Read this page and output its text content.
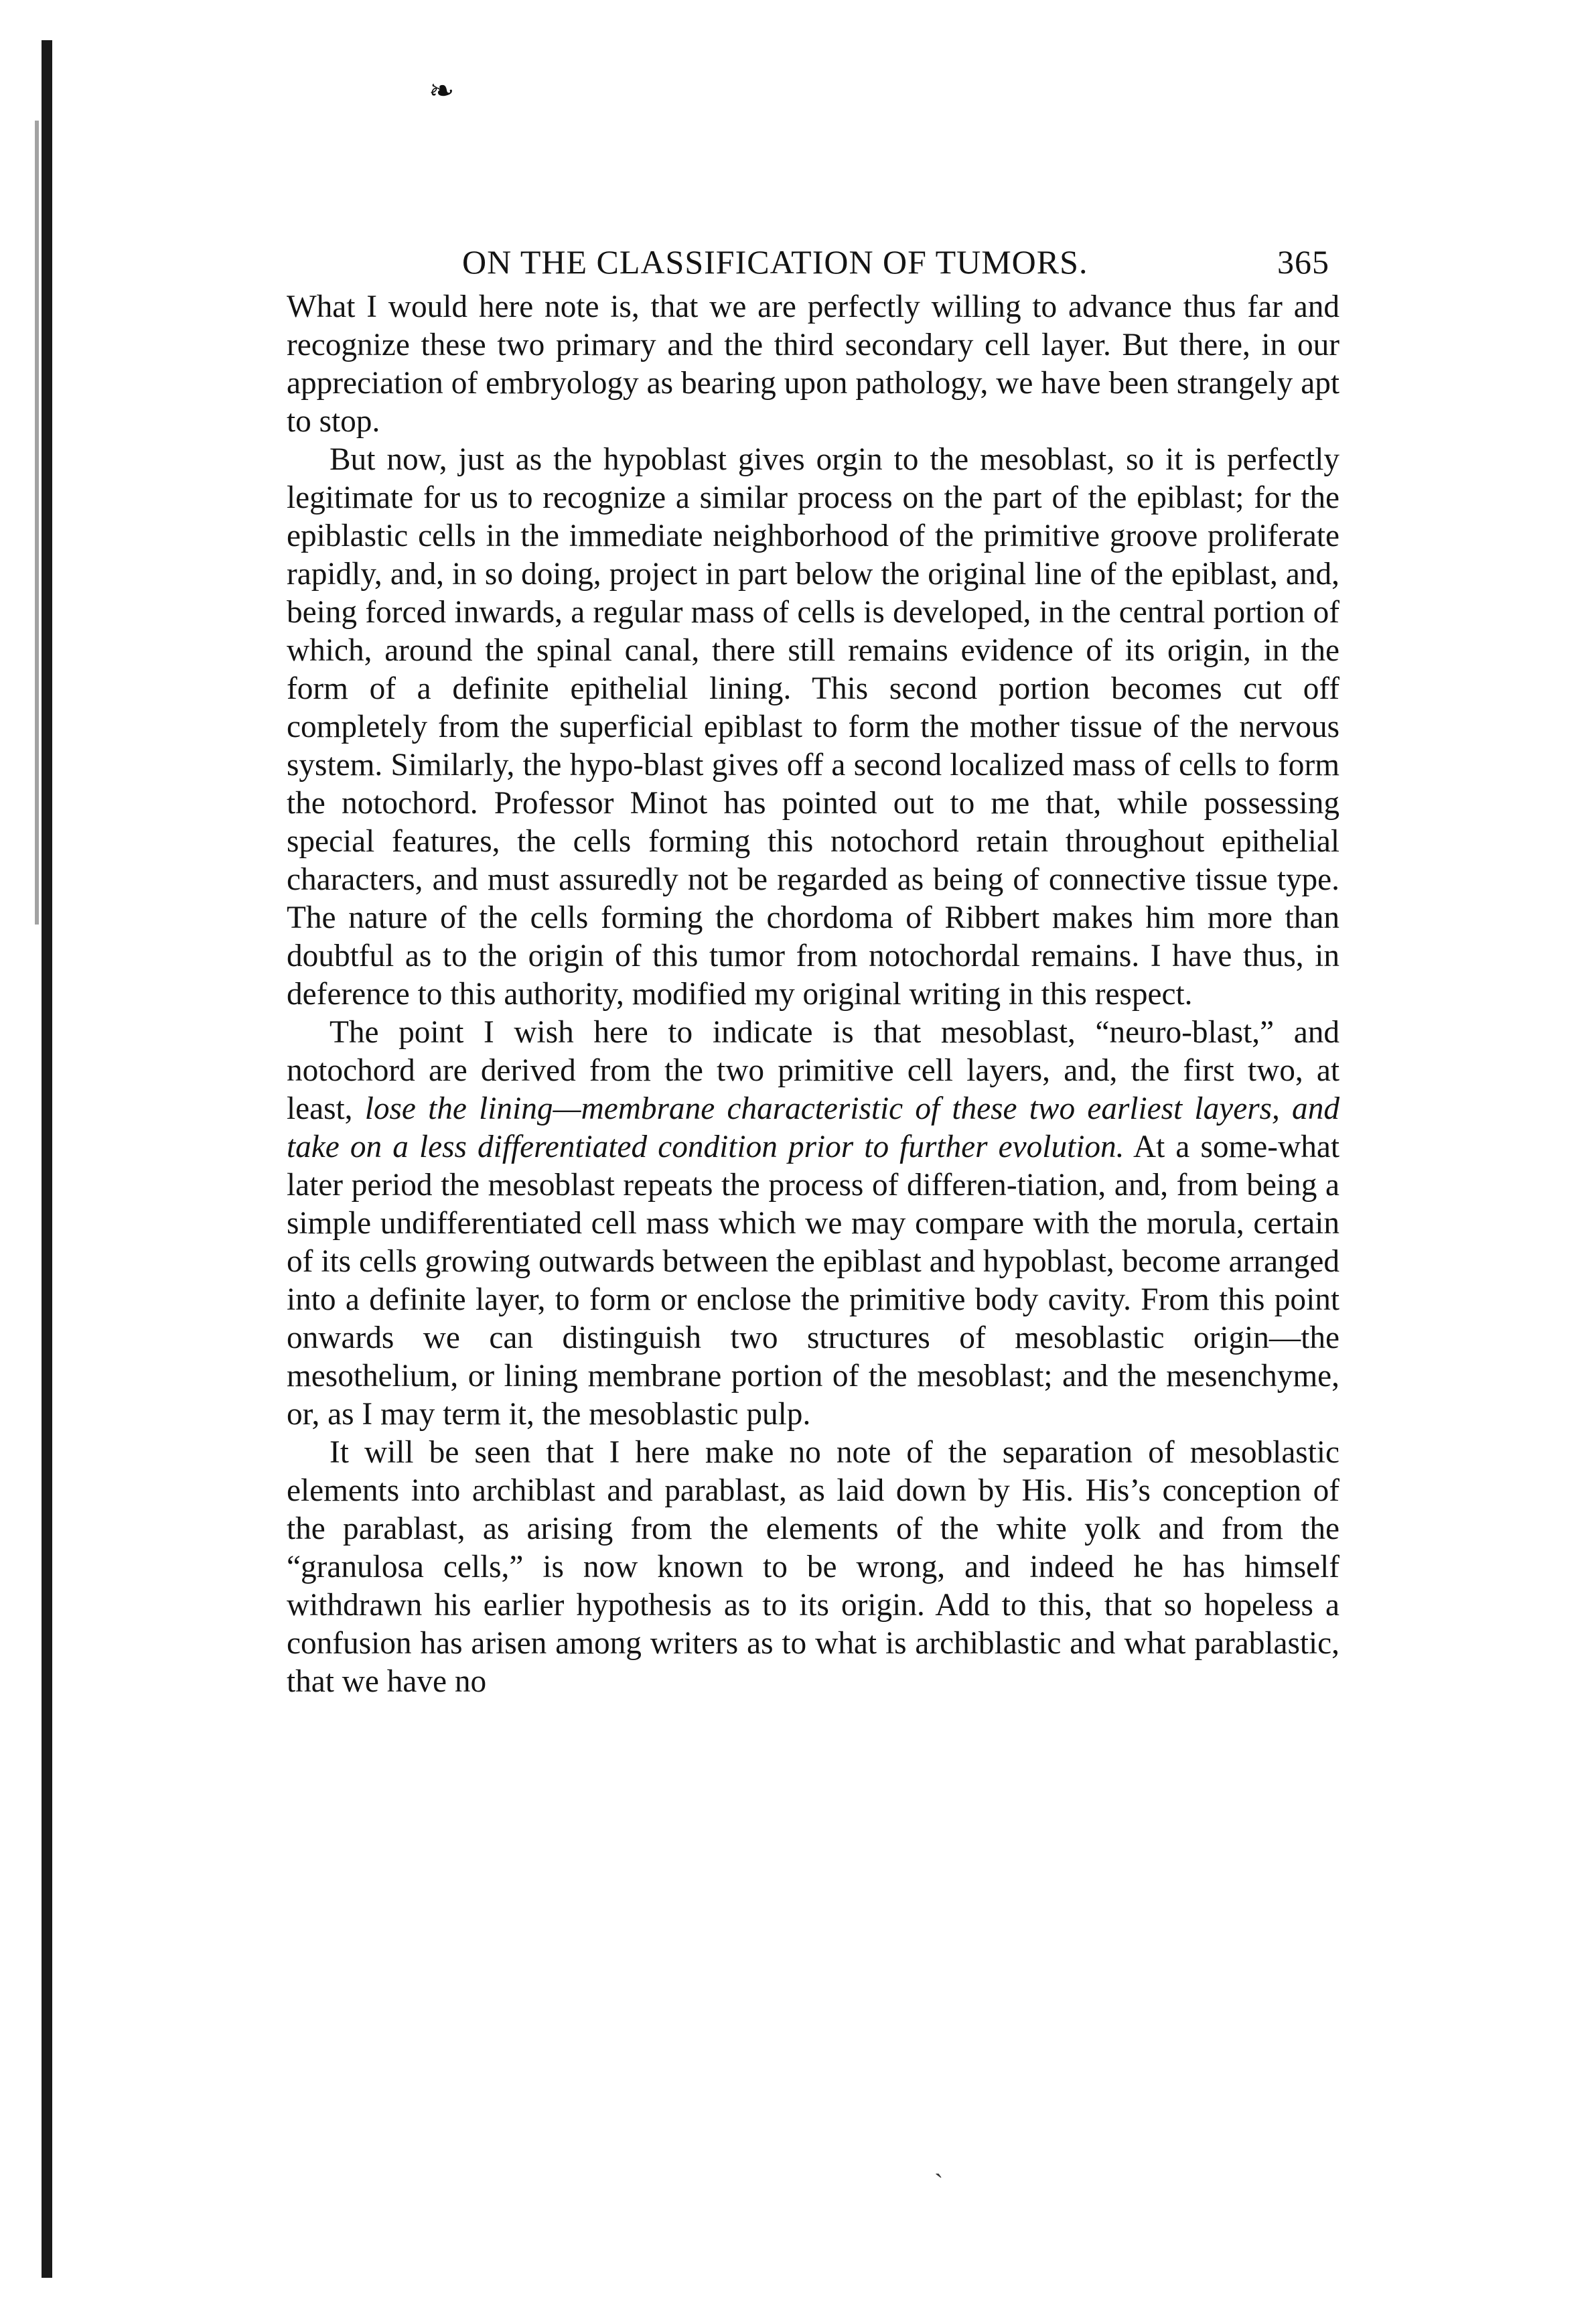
❧
ON THE CLASSIFICATION OF TUMORS.	365

What I would here note is, that we are perfectly willing to advance thus far and recognize these two primary and the third secondary cell layer. But there, in our appreciation of embryology as bearing upon pathology, we have been strangely apt to stop.

But now, just as the hypoblast gives orgin to the mesoblast, so it is perfectly legitimate for us to recognize a similar process on the part of the epiblast; for the epiblastic cells in the immediate neighborhood of the primitive groove proliferate rapidly, and, in so doing, project in part below the original line of the epiblast, and, being forced inwards, a regular mass of cells is developed, in the central portion of which, around the spinal canal, there still remains evidence of its origin, in the form of a definite epithelial lining. This second portion becomes cut off completely from the superficial epiblast to form the mother tissue of the nervous system. Similarly, the hypo-blast gives off a second localized mass of cells to form the notochord. Professor Minot has pointed out to me that, while possessing special features, the cells forming this notochord retain throughout epithelial characters, and must assuredly not be regarded as being of connective tissue type. The nature of the cells forming the chordoma of Ribbert makes him more than doubtful as to the origin of this tumor from notochordal remains. I have thus, in deference to this authority, modified my original writing in this respect.

The point I wish here to indicate is that mesoblast, “neuro-blast,” and notochord are derived from the two primitive cell layers, and, the first two, at least, lose the lining—membrane characteristic of these two earliest layers, and take on a less differentiated condition prior to further evolution. At a some-what later period the mesoblast repeats the process of differen-tiation, and, from being a simple undifferentiated cell mass which we may compare with the morula, certain of its cells growing outwards between the epiblast and hypoblast, become arranged into a definite layer, to form or enclose the primitive body cavity. From this point onwards we can distinguish two structures of mesoblastic origin—the mesothelium, or lining membrane portion of the mesoblast; and the mesenchyme, or, as I may term it, the mesoblastic pulp.

It will be seen that I here make no note of the separation of mesoblastic elements into archiblast and parablast, as laid down by His. His’s conception of the parablast, as arising from the elements of the white yolk and from the “granulosa cells,” is now known to be wrong, and indeed he has himself withdrawn his earlier hypothesis as to its origin. Add to this, that so hopeless a confusion has arisen among writers as to what is archiblastic and what parablastic, that we have no

ˏ
